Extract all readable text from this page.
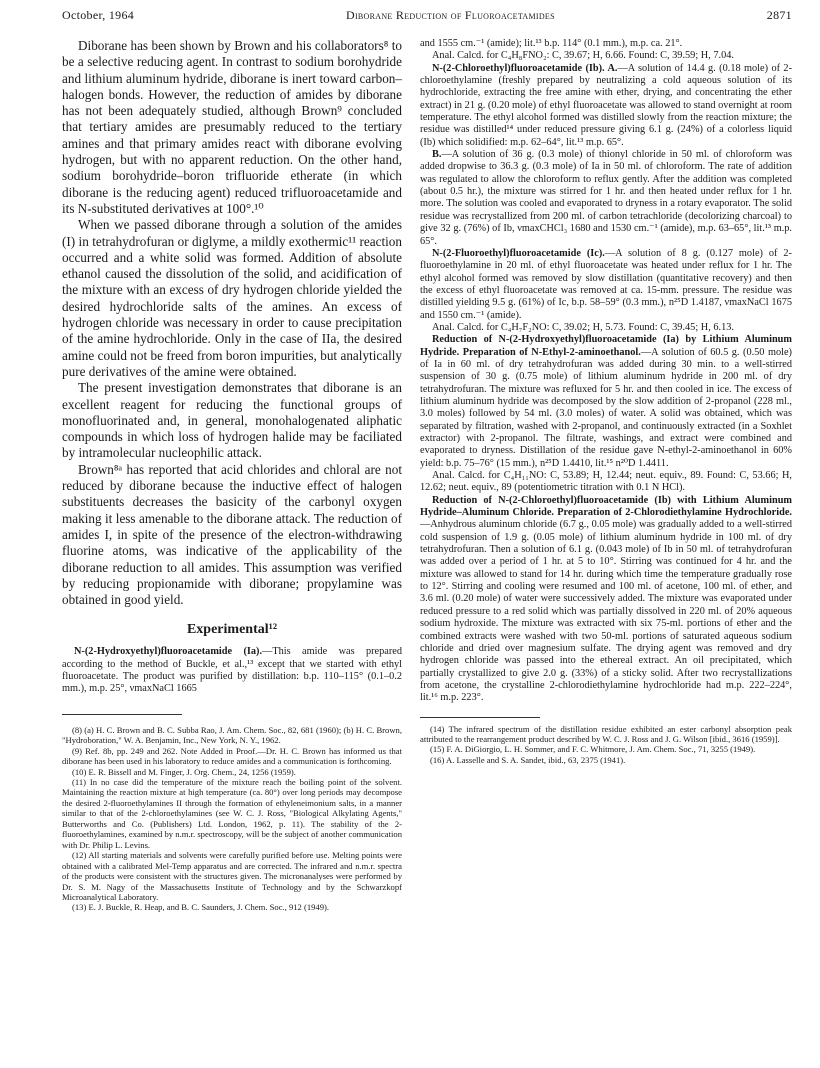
October, 1964	Diborane Reduction of Fluoroacetamides	2871

Diborane has been shown by Brown and his collaborators⁸ to be a selective reducing agent. In contrast to sodium borohydride and lithium aluminum hydride, diborane is inert toward carbon–halogen bonds. However, the reduction of amides by diborane has not been adequately studied, although Brown⁹ concluded that tertiary amides are presumably reduced to the tertiary amines and that primary amides react with diborane evolving hydrogen, but with no apparent reduction. On the other hand, sodium borohydride–boron trifluoride etherate (in which diborane is the reducing agent) reduced trifluoroacetamide and its N-substituted derivatives at 100°.¹⁰

When we passed diborane through a solution of the amides (I) in tetrahydrofuran or diglyme, a mildly exothermic¹¹ reaction occurred and a white solid was formed. Addition of absolute ethanol caused the dissolution of the solid, and acidification of the mixture with an excess of dry hydrogen chloride yielded the desired hydrochloride salts of the amines. An excess of hydrogen chloride was necessary in order to cause precipitation of the amine hydrochloride. Only in the case of IIa, the desired amine could not be freed from boron impurities, but analytically pure derivatives of the amine were obtained.

The present investigation demonstrates that diborane is an excellent reagent for reducing the functional groups of monofluorinated and, in general, monohalogenated aliphatic compounds in which loss of hydrogen halide may be faciliated by intramolecular nucleophilic attack.

Brown⁸ᵃ has reported that acid chlorides and chloral are not reduced by diborane because the inductive effect of halogen substituents decreases the basicity of the carbonyl oxygen making it less amenable to the diborane attack. The reduction of amides I, in spite of the presence of the electron-withdrawing fluorine atoms, was indicative of the applicability of the diborane reduction to all amides. This assumption was verified by reducing propionamide with diborane; propylamine was obtained in good yield.

Experimental¹²

N-(2-Hydroxyethyl)fluoroacetamide (Ia).—This amide was prepared according to the method of Buckle, et al.,¹³ except that we started with ethyl fluoroacetate. The product was purified by distillation: b.p. 110–115° (0.1–0.2 mm.), m.p. 25°, νmaxNaCl 1665

(8) (a) H. C. Brown and B. C. Subba Rao, J. Am. Chem. Soc., 82, 681 (1960); (b) H. C. Brown, "Hydroboration," W. A. Benjamin, Inc., New York, N. Y., 1962.

(9) Ref. 8b, pp. 249 and 262. Note Added in Proof.—Dr. H. C. Brown has informed us that diborane has been used in his laboratory to reduce amides and a communication is forthcoming.

(10) E. R. Bissell and M. Finger, J. Org. Chem., 24, 1256 (1959).

(11) In no case did the temperature of the mixture reach the boiling point of the solvent. Maintaining the reaction mixture at high temperature (ca. 80°) over long periods may decompose the desired 2-fluoroethylamines II through the formation of ethyleneimonium salts, in a manner similar to that of the 2-chloroethylamines (see W. C. J. Ross, "Biological Alkylating Agents," Butterworths and Co. (Publishers) Ltd. London, 1962, p. 11). The stability of the 2-fluoroethylamines, examined by n.m.r. spectroscopy, will be the subject of another communication with Dr. Philip L. Levins.

(12) All starting materials and solvents were carefully purified before use. Melting points were obtained with a calibrated Mel-Temp apparatus and are corrected. The infrared and n.m.r. spectra of the products were consistent with the structures given. The micronanalyses were performed by Dr. S. M. Nagy of the Massachusetts Institute of Technology and by the Schwarzkopf Microanalytical Laboratory.

(13) E. J. Buckle, R. Heap, and B. C. Saunders, J. Chem. Soc., 912 (1949).

and 1555 cm.⁻¹ (amide); lit.¹³ b.p. 114° (0.1 mm.), m.p. ca. 21°.

Anal. Calcd. for C₄H₈FNO₂: C, 39.67; H, 6.66. Found: C, 39.59; H, 7.04.

N-(2-Chloroethyl)fluoroacetamide (Ib). A.—A solution of 14.4 g. (0.18 mole) of 2-chloroethylamine (freshly prepared by neutralizing a cold aqueous solution of its hydrochloride, extracting the free amine with ether, drying, and concentrating the ether extract) in 21 g. (0.20 mole) of ethyl fluoroacetate was allowed to stand overnight at room temperature. The ethyl alcohol formed was distilled slowly from the reaction mixture; the residue was distilled¹⁴ under reduced pressure giving 6.1 g. (24%) of a colorless liquid (Ib) which solidified: m.p. 62–64°, lit.¹³ m.p. 65°.

B.—A solution of 36 g. (0.3 mole) of thionyl chloride in 50 ml. of chloroform was added dropwise to 36.3 g. (0.3 mole) of Ia in 50 ml. of chloroform. The rate of addition was regulated to allow the chloroform to reflux gently. After the addition was completed (about 0.5 hr.), the mixture was stirred for 1 hr. and then heated under reflux for 1 hr. more. The solution was cooled and evaporated to dryness in a rotary evaporator. The solid residue was recrystallized from 200 ml. of carbon tetrachloride (decolorizing charcoal) to give 32 g. (76%) of Ib, νmaxCHCl₃ 1680 and 1530 cm.⁻¹ (amide), m.p. 63–65°, lit.¹³ m.p. 65°.

N-(2-Fluoroethyl)fluoroacetamide (Ic).—A solution of 8 g. (0.127 mole) of 2-fluoroethylamine in 20 ml. of ethyl fluoroacetate was heated under reflux for 1 hr. The ethyl alcohol formed was removed by slow distillation (quantitative recovery) and then the excess of ethyl fluoroacetate was removed at ca. 15-mm. pressure. The residue was distilled yielding 9.5 g. (61%) of Ic, b.p. 58–59° (0.3 mm.), n²⁵D 1.4187, νmaxNaCl 1675 and 1550 cm.⁻¹ (amide).

Anal. Calcd. for C₄H₇F₂NO: C, 39.02; H, 5.73. Found: C, 39.45; H, 6.13.

Reduction of N-(2-Hydroxyethyl)fluoroacetamide (Ia) by Lithium Aluminum Hydride. Preparation of N-Ethyl-2-aminoethanol.—A solution of 60.5 g. (0.50 mole) of Ia in 60 ml. of dry tetrahydrofuran was added during 30 min. to a well-stirred suspension of 30 g. (0.75 mole) of lithium aluminum hydride in 200 ml. of dry tetrahydrofuran. The mixture was refluxed for 5 hr. and then cooled in ice. The excess of lithium aluminum hydride was decomposed by the slow addition of 2-propanol (228 ml., 3.0 moles) followed by 54 ml. (3.0 moles) of water. A solid was obtained, which was separated by filtration, washed with 2-propanol, and continuously extracted (in a Soxhlet extractor) with 2-propanol. The filtrate, washings, and extract were combined and evaporated to dryness. Distillation of the residue gave N-ethyl-2-aminoethanol in 60% yield: b.p. 75–76° (15 mm.), n²⁵D 1.4410, lit.¹⁵ n²⁰D 1.4411.

Anal. Calcd. for C₄H₁₁NO: C, 53.89; H, 12.44; neut. equiv., 89. Found: C, 53.66; H, 12.62; neut. equiv., 89 (potentiometric titration with 0.1 N HCl).

Reduction of N-(2-Chloroethyl)fluoroacetamide (Ib) with Lithium Aluminum Hydride–Aluminum Chloride. Preparation of 2-Chlorodiethylamine Hydrochloride.—Anhydrous aluminum chloride (6.7 g., 0.05 mole) was gradually added to a well-stirred cold suspension of 1.9 g. (0.05 mole) of lithium aluminum hydride in 100 ml. of dry tetrahydrofuran. Then a solution of 6.1 g. (0.043 mole) of Ib in 50 ml. of tetrahydrofuran was added over a period of 1 hr. at 5 to 10°. Stirring was continued for 4 hr. and the mixture was allowed to stand for 14 hr. during which time the temperature gradually rose to 12°. Stirring and cooling were resumed and 100 ml. of acetone, 100 ml. of ether, and 3.6 ml. (0.20 mole) of water were successively added. The mixture was evaporated under reduced pressure to a red solid which was partially dissolved in 220 ml. of 20% aqueous sodium hydroxide. The mixture was extracted with six 75-ml. portions of ether and the combined extracts were washed with two 50-ml. portions of saturated aqueous sodium chloride and dried over magnesium sulfate. The drying agent was removed and dry hydrogen chloride was passed into the ethereal extract. An oil precipitated, which partially crystallized to give 2.0 g. (33%) of a sticky solid. After two recrystallizations from acetone, the crystalline 2-chlorodiethylamine hydrochloride had m.p. 222–224°, lit.¹⁶ m.p. 223°.

(14) The infrared spectrum of the distillation residue exhibited an ester carbonyl absorption peak attributed to the rearrangement product described by W. C. J. Ross and J. G. Wilson [ibid., 3616 (1959)].

(15) F. A. DiGiorgio, L. H. Sommer, and F. C. Whitmore, J. Am. Chem. Soc., 71, 3255 (1949).

(16) A. Lasselle and S. A. Sandet, ibid., 63, 2375 (1941).
